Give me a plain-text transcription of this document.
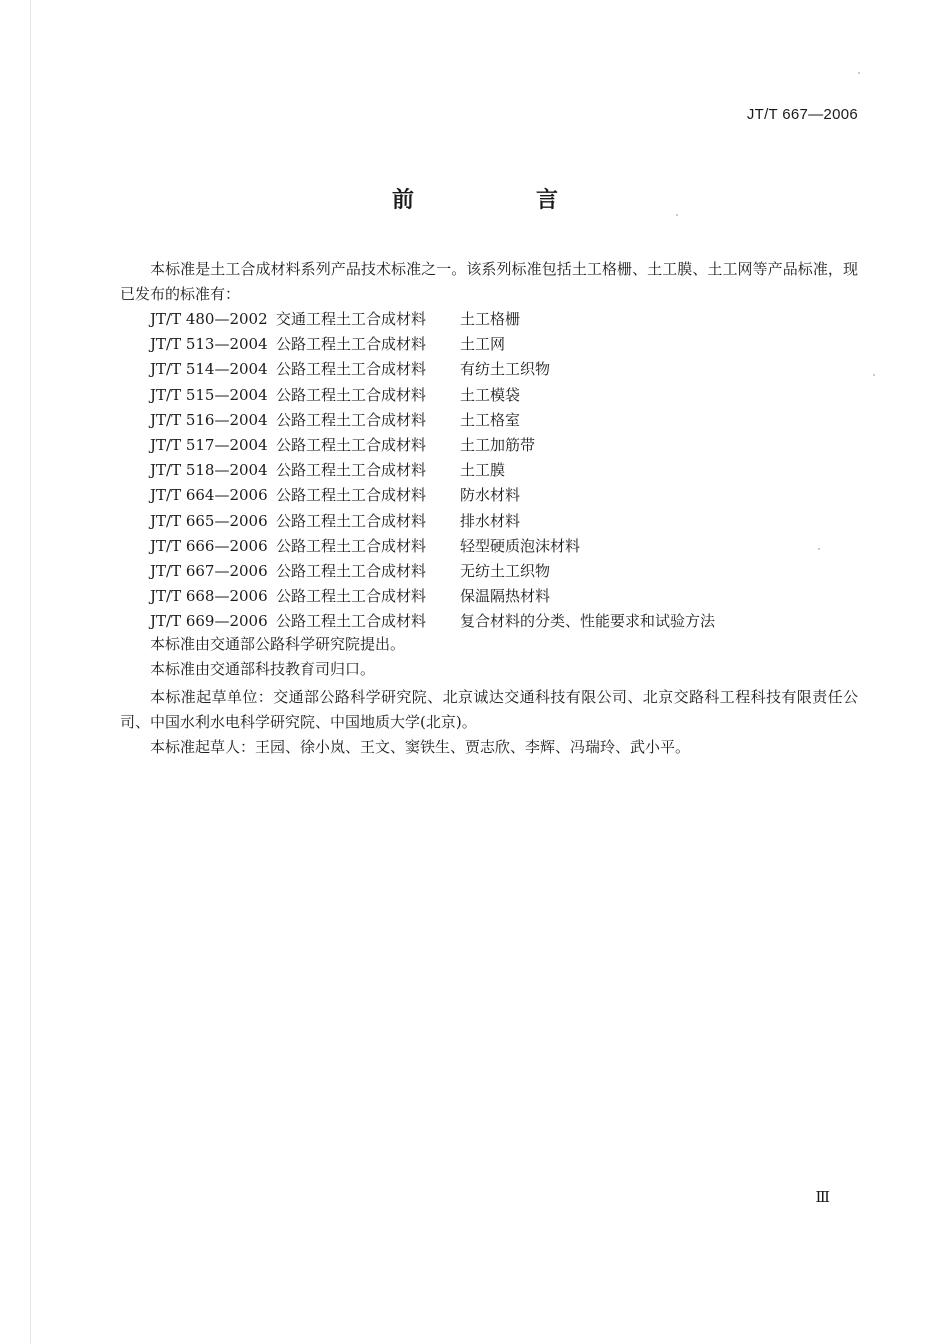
JT/T 667—2006
前　言

本标准是土工合成材料系列产品技术标准之一。该系列标准包括土工格栅、土工膜、土工网等产品标准，现已发布的标准有：

JT/T 480—2002 交通工程土工合成材料 土工格栅
JT/T 513—2004 公路工程土工合成材料 土工网
JT/T 514—2004 公路工程土工合成材料 有纺土工织物
JT/T 515—2004 公路工程土工合成材料 土工模袋
JT/T 516—2004 公路工程土工合成材料 土工格室
JT/T 517—2004 公路工程土工合成材料 土工加筋带
JT/T 518—2004 公路工程土工合成材料 土工膜
JT/T 664—2006 公路工程土工合成材料 防水材料
JT/T 665—2006 公路工程土工合成材料 排水材料
JT/T 666—2006 公路工程土工合成材料 轻型硬质泡沫材料
JT/T 667—2006 公路工程土工合成材料 无纺土工织物
JT/T 668—2006 公路工程土工合成材料 保温隔热材料
JT/T 669—2006 公路工程土工合成材料 复合材料的分类、性能要求和试验方法

本标准由交通部公路科学研究院提出。

本标准由交通部科技教育司归口。

本标准起草单位：交通部公路科学研究院、北京诚达交通科技有限公司、北京交路科工程科技有限责任公司、中国水利水电科学研究院、中国地质大学(北京)。

本标准起草人：王园、徐小岚、王文、窦铁生、贾志欣、李辉、冯瑞玲、武小平。

Ⅲ
